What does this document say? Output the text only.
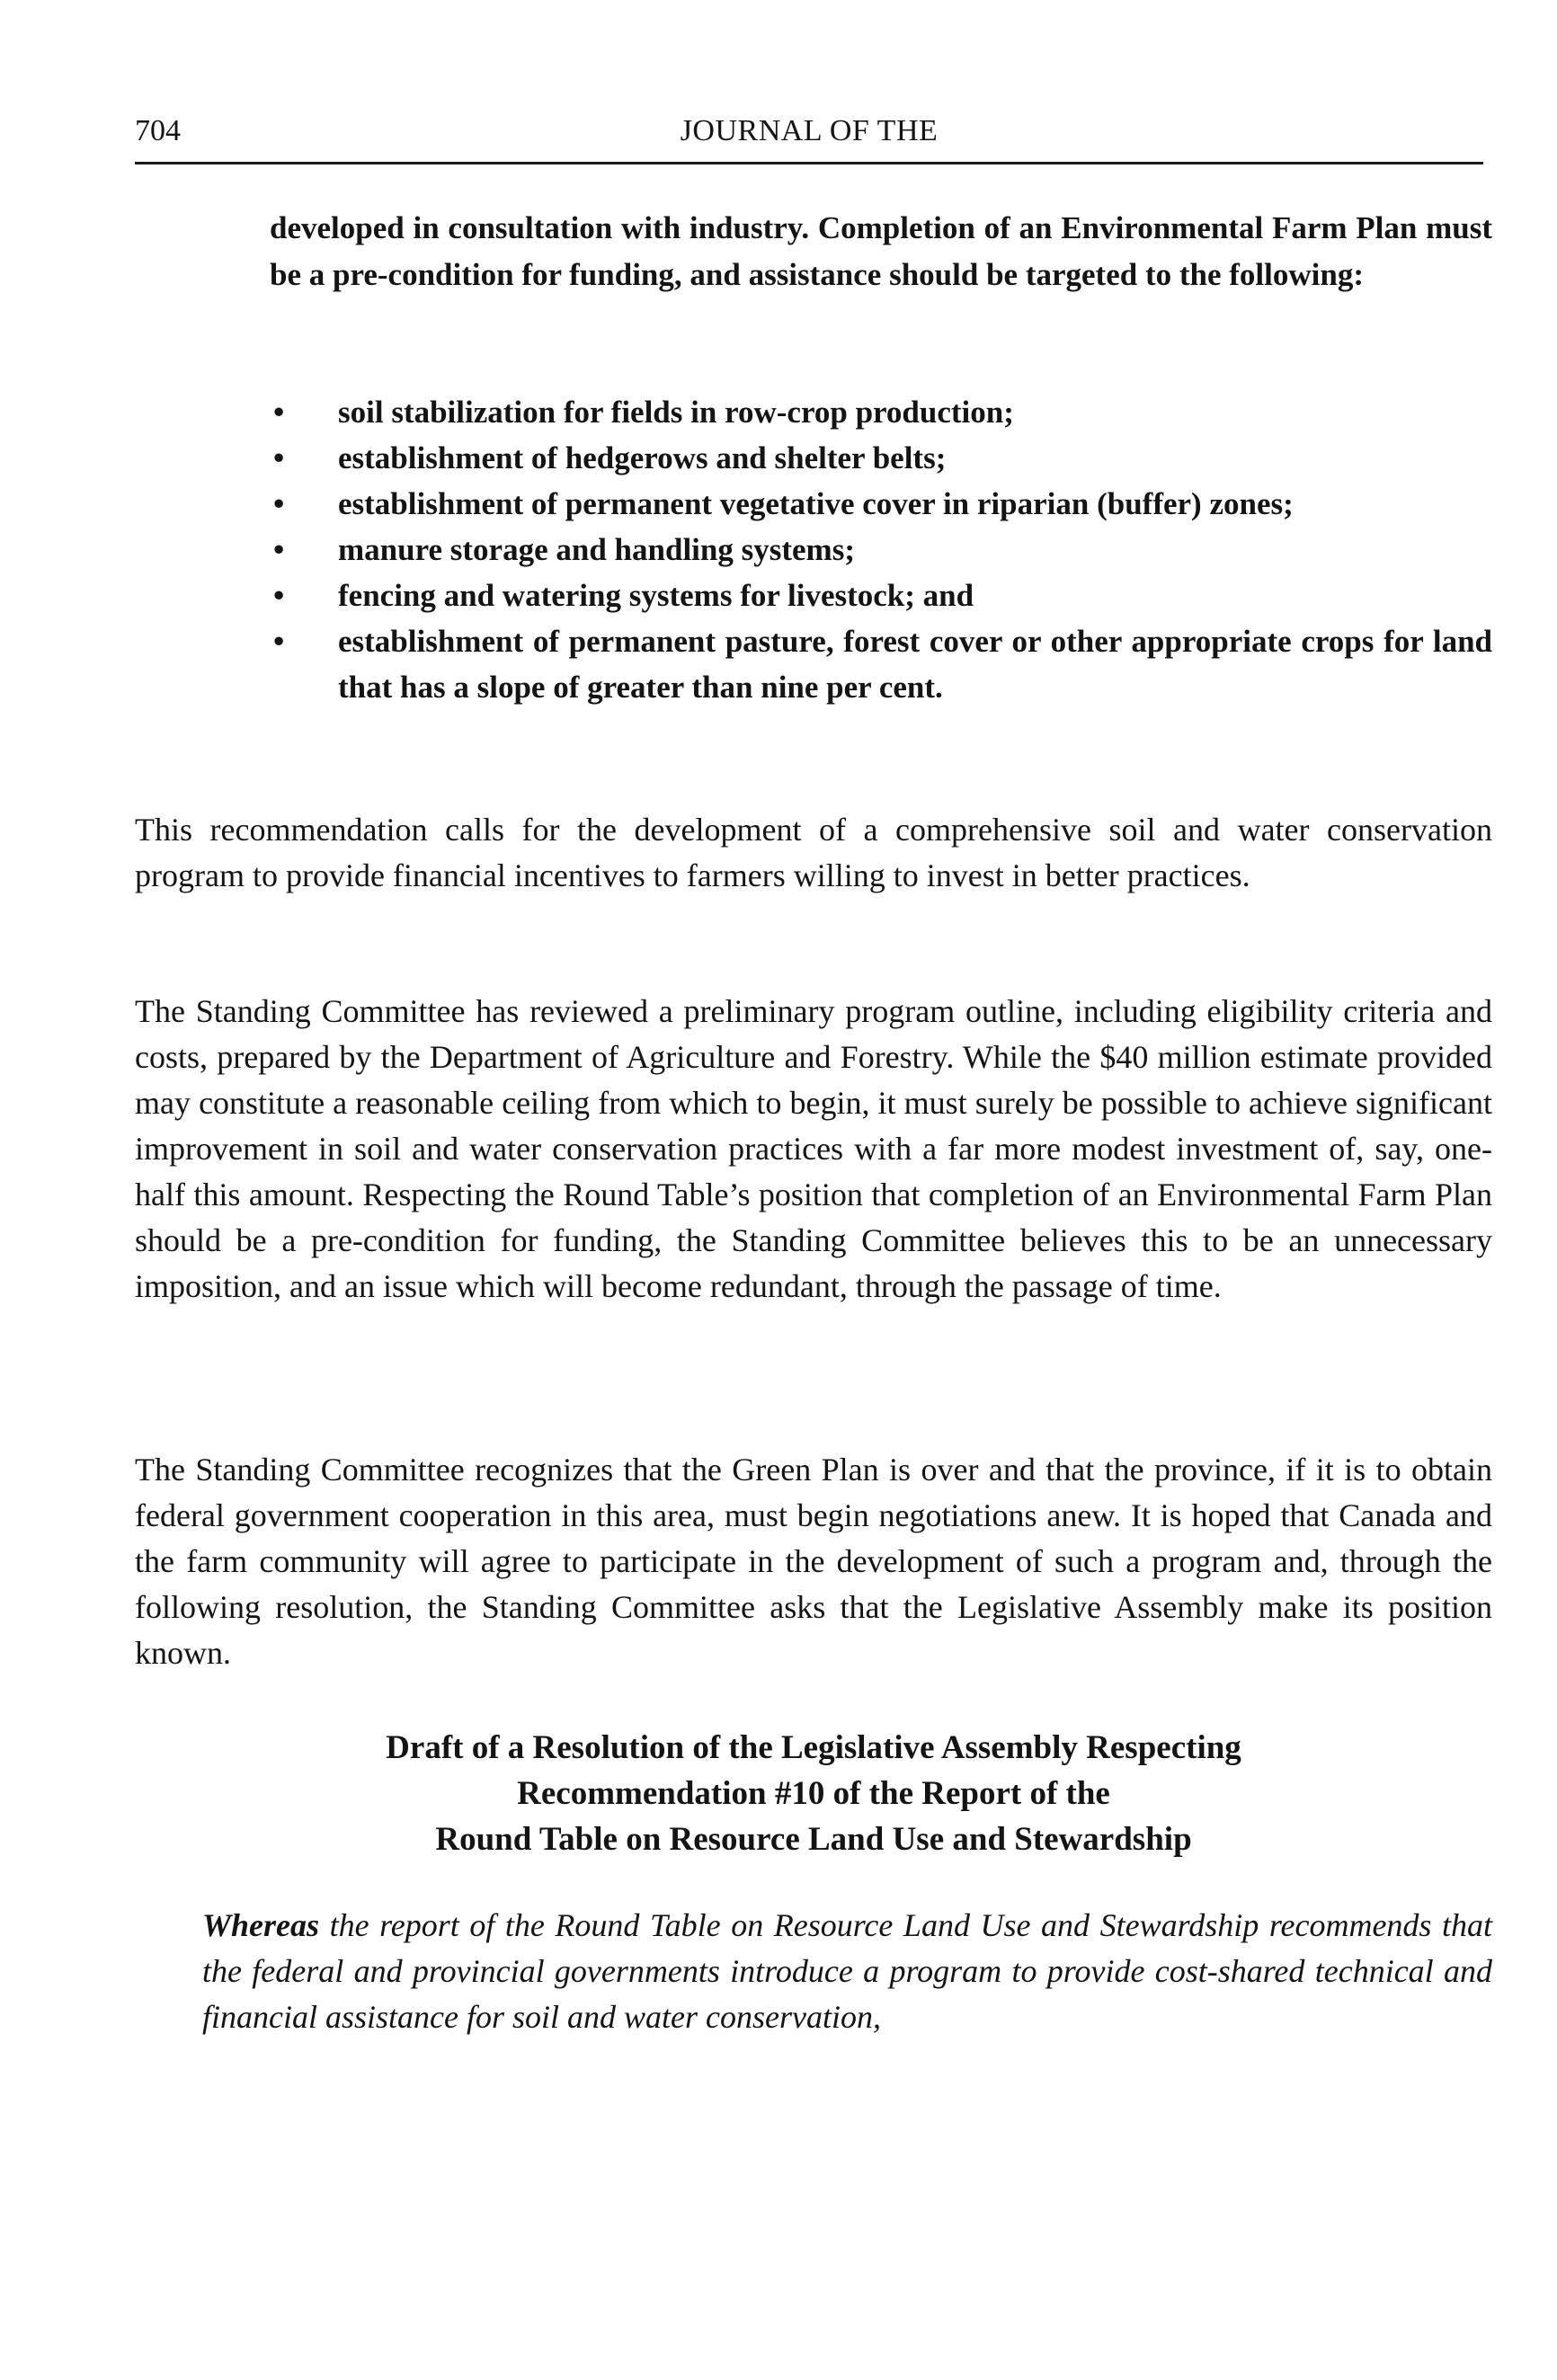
704	JOURNAL OF THE
developed in consultation with industry. Completion of an Environmental Farm Plan must be a pre-condition for funding, and assistance should be targeted to the following:
• soil stabilization for fields in row-crop production;
• establishment of hedgerows and shelter belts;
• establishment of permanent vegetative cover in riparian (buffer) zones;
• manure storage and handling systems;
• fencing and watering systems for livestock; and
• establishment of permanent pasture, forest cover or other appropriate crops for land that has a slope of greater than nine per cent.
This recommendation calls for the development of a comprehensive soil and water conservation program to provide financial incentives to farmers willing to invest in better practices.
The Standing Committee has reviewed a preliminary program outline, including eligibility criteria and costs, prepared by the Department of Agriculture and Forestry. While the $40 million estimate provided may constitute a reasonable ceiling from which to begin, it must surely be possible to achieve significant improvement in soil and water conservation practices with a far more modest investment of, say, one-half this amount. Respecting the Round Table’s position that completion of an Environmental Farm Plan should be a pre-condition for funding, the Standing Committee believes this to be an unnecessary imposition, and an issue which will become redundant, through the passage of time.
The Standing Committee recognizes that the Green Plan is over and that the province, if it is to obtain federal government cooperation in this area, must begin negotiations anew. It is hoped that Canada and the farm community will agree to participate in the development of such a program and, through the following resolution, the Standing Committee asks that the Legislative Assembly make its position known.
Draft of a Resolution of the Legislative Assembly Respecting
Recommendation #10 of the Report of the
Round Table on Resource Land Use and Stewardship
Whereas the report of the Round Table on Resource Land Use and Stewardship recommends that the federal and provincial governments introduce a program to provide cost-shared technical and financial assistance for soil and water conservation,
